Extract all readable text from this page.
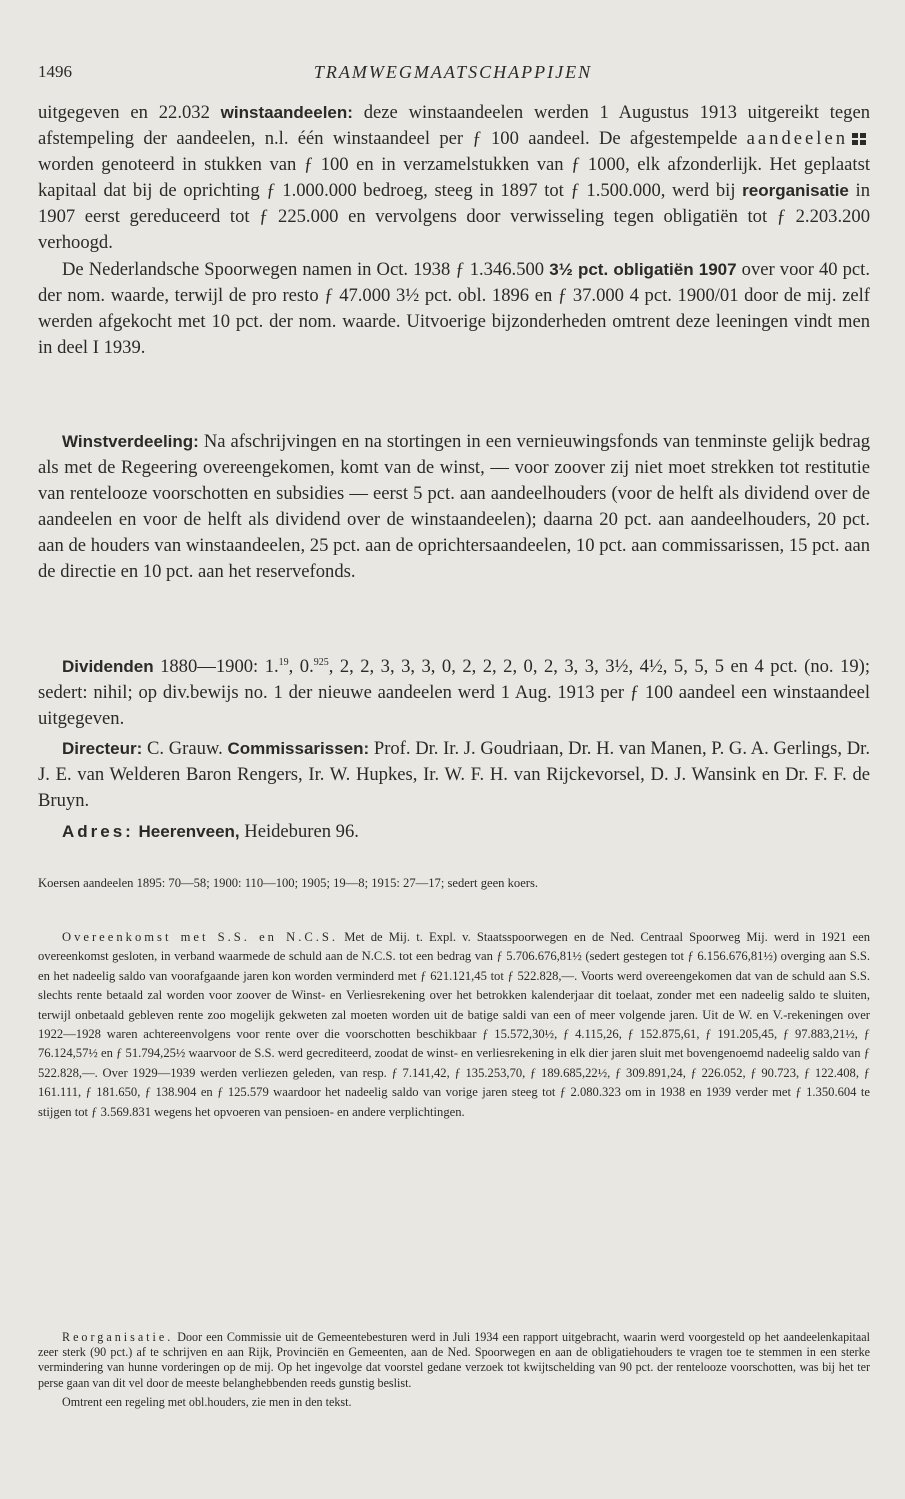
1496	TRAMWEGMAATSCHAPPIJEN

uitgegeven en 22.032 winstaandeelen: deze winstaandeelen werden 1 Augustus 1913 uitgereikt tegen afstempeling der aandeelen, n.l. één winstaandeel per ƒ 100 aandeel. De afgestempelde aandeelen worden genoteerd in stukken van ƒ 100 en in verzamelstukken van ƒ 1000, elk afzonderlijk. Het geplaatst kapitaal dat bij de oprichting ƒ 1.000.000 bedroeg, steeg in 1897 tot ƒ 1.500.000, werd bij reorganisatie in 1907 eerst gereduceerd tot ƒ 225.000 en vervolgens door verwisseling tegen obligatiën tot ƒ 2.203.200 verhoogd.

De Nederlandsche Spoorwegen namen in Oct. 1938 ƒ 1.346.500 3½ pct. obligatiën 1907 over voor 40 pct. der nom. waarde, terwijl de pro resto ƒ 47.000 3½ pct. obl. 1896 en ƒ 37.000 4 pct. 1900/01 door de mij. zelf werden afgekocht met 10 pct. der nom. waarde. Uitvoerige bijzonderheden omtrent deze leeningen vindt men in deel I 1939.

Winstverdeeling: Na afschrijvingen en na stortingen in een vernieuwingsfonds van tenminste gelijk bedrag als met de Regeering overeengekomen, komt van de winst, — voor zoover zij niet moet strekken tot restitutie van rentelooze voorschotten en subsidies — eerst 5 pct. aan aandeelhouders (voor de helft als dividend over de aandeelen en voor de helft als dividend over de winstaandeelen); daarna 20 pct. aan aandeelhouders, 20 pct. aan de houders van winstaandeelen, 25 pct. aan de oprichtersaandeelen, 10 pct. aan commissarissen, 15 pct. aan de directie en 10 pct. aan het reservefonds.

Dividenden 1880—1900: 1.19, 0.$^{925}$, 2, 2, 3, 3, 3, 0, 2, 2, 2, 0, 2, 3, 3, 3½, 4½, 5, 5, 5 en 4 pct. (no. 19); sedert: nihil; op div.bewijs no. 1 der nieuwe aandeelen werd 1 Aug. 1913 per ƒ 100 aandeel een winstaandeel uitgegeven.

Directeur: C. Grauw. Commissarissen: Prof. Dr. Ir. J. Goudriaan, Dr. H. van Manen, P. G. A. Gerlings, Dr. J. E. van Welderen Baron Rengers, Ir. W. Hupkes, Ir. W. F. H. van Rijckevorsel, D. J. Wansink en Dr. F. F. de Bruyn.

Adres: Heerenveen, Heideburen 96.

Koersen aandeelen 1895: 70—58; 1900: 110—100; 1905; 19—8; 1915: 27—17; sedert geen koers.

Overeenkomst met S.S. en N.C.S. Met de Mij. t. Expl. v. Staatsspoorwegen en de Ned. Centraal Spoorweg Mij. werd in 1921 een overeenkomst gesloten, in verband waarmede de schuld aan de N.C.S. tot een bedrag van ƒ 5.706.676,81½ (sedert gestegen tot ƒ 6.156.676,81½) overging aan S.S. en het nadeelig saldo van voorafgaande jaren kon worden verminderd met ƒ 621.121,45 tot ƒ 522.828,—. Voorts werd overeengekomen dat van de schuld aan S.S. slechts rente betaald zal worden voor zoover de Winst- en Verliesrekening over het betrokken kalenderjaar dit toelaat, zonder met een nadeelig saldo te sluiten, terwijl onbetaald gebleven rente zoo mogelijk gekweten zal moeten worden uit de batige saldi van een of meer volgende jaren. Uit de W. en V.-rekeningen over 1922—1928 waren achtereenvolgens voor rente over die voorschotten beschikbaar ƒ 15.572,30½, ƒ 4.115,26, ƒ 152.875,61, ƒ 191.205,45, ƒ 97.883,21½, ƒ 76.124,57½ en ƒ 51.794,25½ waarvoor de S.S. werd gecrediteerd, zoodat de winst- en verliesrekening in elk dier jaren sluit met bovengenoemd nadeelig saldo van ƒ 522.828,—. Over 1929—1939 werden verliezen geleden, van resp. ƒ 7.141,42, ƒ 135.253,70, ƒ 189.685,22½, ƒ 309.891,24, ƒ 226.052, ƒ 90.723, ƒ 122.408, ƒ 161.111, ƒ 181.650, ƒ 138.904 en ƒ 125.579 waardoor het nadeelig saldo van vorige jaren steeg tot ƒ 2.080.323 om in 1938 en 1939 verder met ƒ 1.350.604 te stijgen tot ƒ 3.569.831 wegens het opvoeren van pensioen- en andere verplichtingen.

Reorganisatie. Door een Commissie uit de Gemeentebesturen werd in Juli 1934 een rapport uitgebracht, waarin werd voorgesteld op het aandeelenkapitaal zeer sterk (90 pct.) af te schrijven en aan Rijk, Provinciën en Gemeenten, aan de Ned. Spoorwegen en aan de obligatiehouders te vragen toe te stemmen in een sterke vermindering van hunne vorderingen op de mij. Op het ingevolge dat voorstel gedane verzoek tot kwijtschelding van 90 pct. der rentelooze voorschotten, was bij het ter perse gaan van dit vel door de meeste belanghebbenden reeds gunstig beslist.

Omtrent een regeling met obl.houders, zie men in den tekst.
